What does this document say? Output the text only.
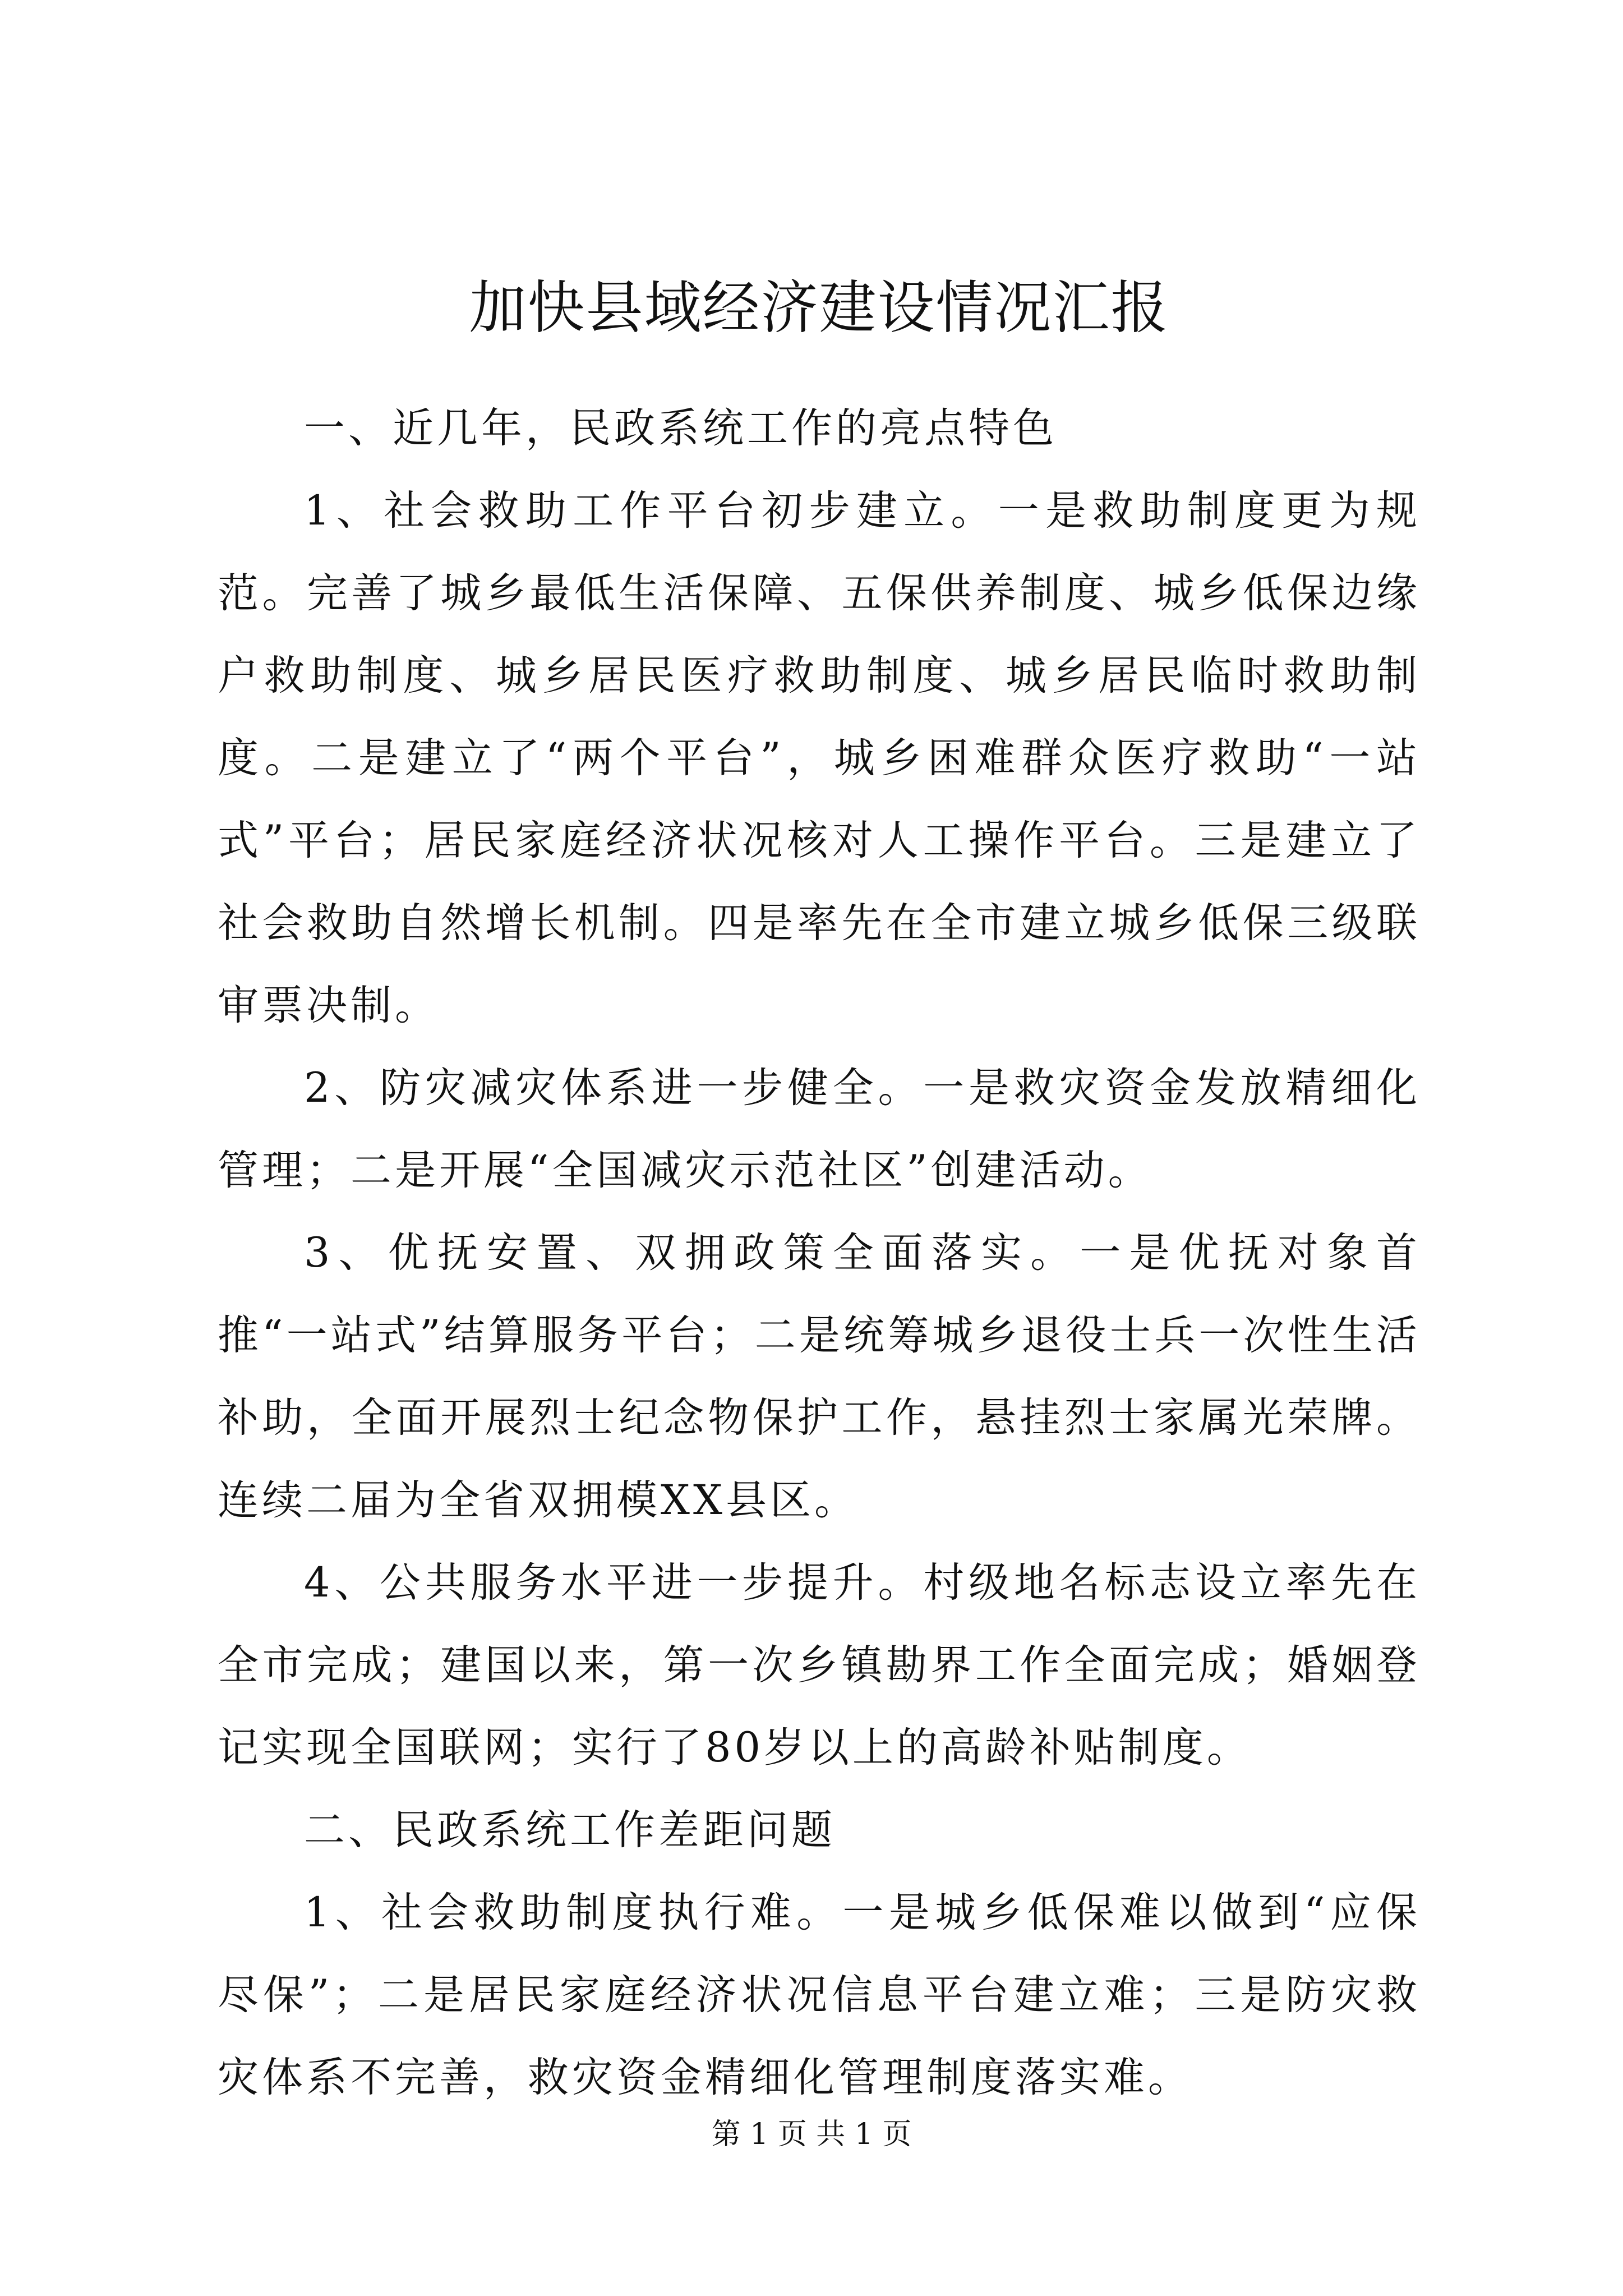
加快县域经济建设情况汇报

一、近几年，民政系统工作的亮点特色

1、社会救助工作平台初步建立。一是救助制度更为规范。完善了城乡最低生活保障、五保供养制度、城乡低保边缘户救助制度、城乡居民医疗救助制度、城乡居民临时救助制度。二是建立了“两个平台”，城乡困难群众医疗救助“一站式”平台；居民家庭经济状况核对人工操作平台。三是建立了社会救助自然增长机制。四是率先在全市建立城乡低保三级联审票决制。

2、防灾减灾体系进一步健全。一是救灾资金发放精细化管理；二是开展“全国减灾示范社区”创建活动。

3、优抚安置、双拥政策全面落实。一是优抚对象首推“一站式”结算服务平台；二是统筹城乡退役士兵一次性生活补助，全面开展烈士纪念物保护工作，悬挂烈士家属光荣牌。连续二届为全省双拥模XX县区。

4、公共服务水平进一步提升。村级地名标志设立率先在全市完成；建国以来，第一次乡镇勘界工作全面完成；婚姻登记实现全国联网；实行了80岁以上的高龄补贴制度。

二、民政系统工作差距问题

1、社会救助制度执行难。一是城乡低保难以做到“应保尽保”；二是居民家庭经济状况信息平台建立难；三是防灾救灾体系不完善，救灾资金精细化管理制度落实难。

第 1 页 共 1 页
